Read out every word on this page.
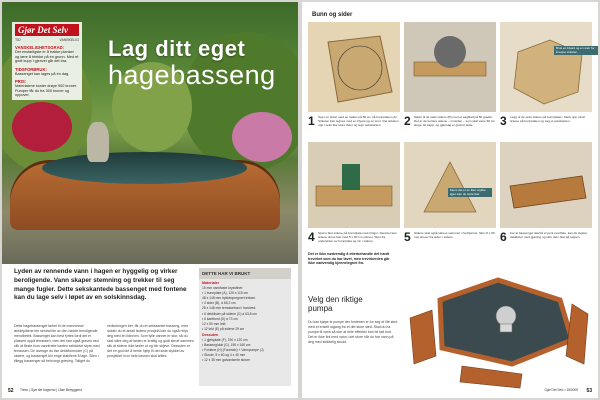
Gjør Det Selv
TID	VANSKELIG
VANSKELIGHETSGRAD:
Det ensfarligste er å trakke planker og lære å triekke på en grunn. Med et godt kupp i gjenvei går det bra.
TIDSFORBRUK:
Bassenget kan lages på én dag.
PRIS:
Materialene koster drøye 900 kroner. Pumper får du fra 300 kroner og oppover.
Lag ditt eget
hagebasseng
Lyden av rennende vann i hagen er hyggelig og virker beroligende. Vann skaper stemning og trekker til seg mange fugler. Dette sekskantede bassenget med fontene kan du lage selv i løpet av en solskinnsdag.
Dette hagebassenget tarker til de mennesser øredepiltene ble sentral lite av den hadde beroligende mendbetelt. Bassenget kan best fyrtes fordi det er plassert oppå terrassen, men det kan også graves ned slik at fleste fuos vannfrette kanten seldskive styre med terrassen. De lavesge du lise dekkflomroder (C) på sidene, og bassenget blir enge stabilene å lage. Sileo i tillegg bassenger så behvorgt grieving. Tallget du vedlorkingen ber, får du et sekskantet basseng, men dobler du et antall ledene prosjekt kan du også relys deg med en lidevom. Som fylle vannet er stor, så du skal sikre deg at lasten er kraftig og godt skrutt sammen slik at sidene ikke løsler ut og blir skjeve. Dessuten er det en god idé å hente hjelp til det siste stykket av prosjektet hvor hele kassen skal løftes.
DETTE HAR VI BRUKT
Materialer
15 mm vannfaste kryssfinér:
• 1 bunnplate (A), 125 x 115 cm
48 x 148 mm trykkimpregnert trelast:
• 4 sider (B), à 65,2 cm
28 x 148 mm terrassebord / hardved:
• 6 dekklister på sidene (C) à 63,8 cm
• 6 kantbord (D) à 73 cm
12 x 50 mm lekt:
• 12 lekt (E) på sidene 29 cm
Dessuten
• 1 gjelsplate (F), 190 x 120 cm
• Basseng/duk (G), 190 x 160 cm
• Fontene (H) (Fountain) + Vannpumpe (J)
• Skruer, 5 x 60 og 4 x 40 mm
• 12 x 35 mm galvaniserte skruer
52 Trebo | Gjør det bagvend | Låse Bebyggend
Bunn og sider
1 Tegn en sirkel med en radius på 60 cm på bunnplaten (A). Sirkelen kan tegnes med en blyant og en snor. Del sirkelen opp i seks like store deler og tegn sekskanten.	2 Skjær til de seks sidene (B) med et sagblad på 60 grader. Det er de kortere sidene – innsiden – som skal være 60 cm lange. Et kapp- og gjærsag er godt til dette.	3 Legg ut de seks sidene på bunnplaten. Merk opp rundt sidene på bunnplaten og sag ut sekskanten.
Bruk en blyant og en snor for å tegne sirkelen.
4 Spenn fast sidene på bunnplata med tringer. Deretter kan sidene skrus fast med 5 x 60 mm skruer. Skru fra undersiden av bunnplata og inn i sidene.	5 Sidene skal også skrues sammen i hushjørnet. Skru 5 x 60 mm skruer fra siden i sidene.
Mens det er én liten stykke igjen kan du sette fast.
6 For at bassenget skal få et pent overflate, kan du skjære dekklister med gjæring og skru dem fast på toppen.
Det er ikke nødvendig å etterbehandle det hardt trevirket som du har lavet, men trevirkerden går ikke nødvendig kjennetegnet fra.
Velg den riktige
pumpa
Du kan kjøpe ei pumpe der fontenen er for seg et lite sted med et enkelt utgang fra et det store sted. Skal du ha pumpa til vann så stor at hele effekten kan bli tatt bort. Det er ikke fint med vann i det store når du har vann på deg med skikkelig skudd.
Gjør Det Selv • 18/2009 53
